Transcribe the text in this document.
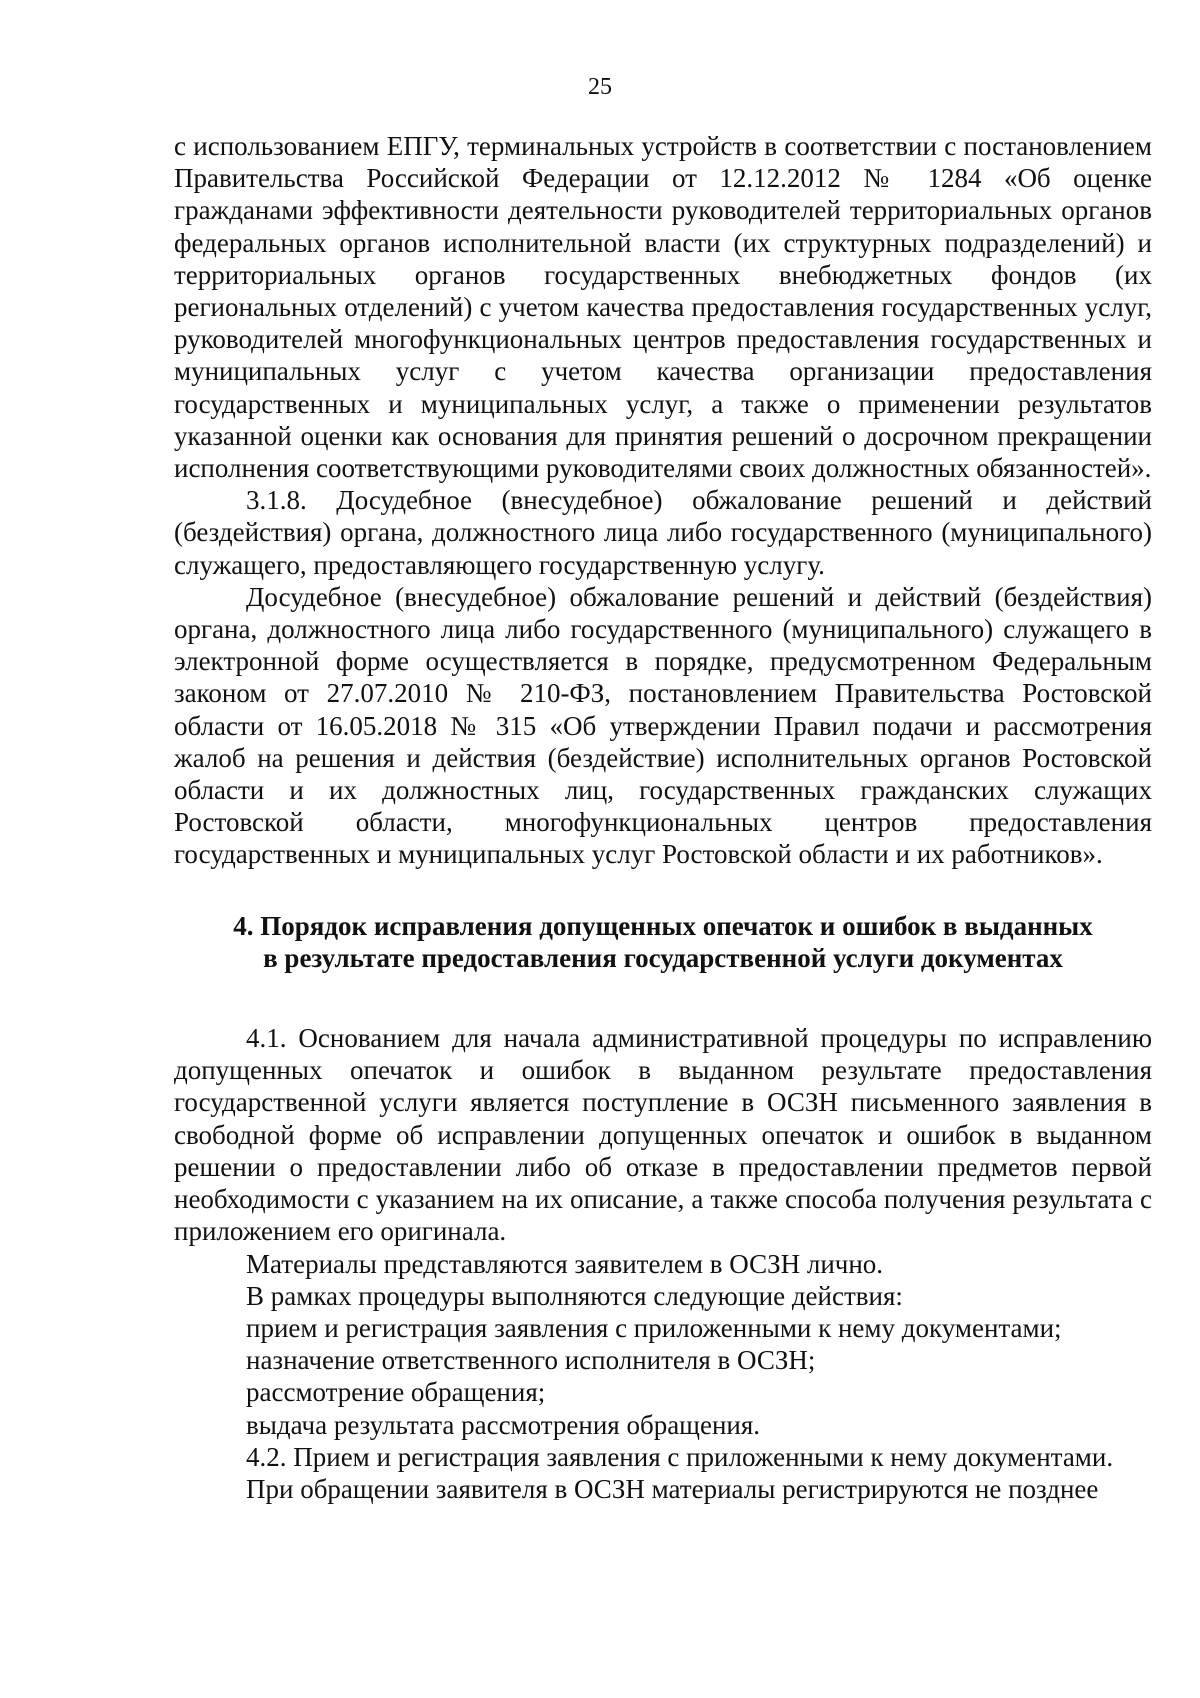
25

с использованием ЕПГУ, терминальных устройств в соответствии с постановлением Правительства Российской Федерации от 12.12.2012 № 1284 «Об оценке гражданами эффективности деятельности руководителей территориальных органов федеральных органов исполнительной власти (их структурных подразделений) и территориальных органов государственных внебюджетных фондов (их региональных отделений) с учетом качества предоставления государственных услуг, руководителей многофункциональных центров предоставления государственных и муниципальных услуг с учетом качества организации предоставления государственных и муниципальных услуг, а также о применении результатов указанной оценки как основания для принятия решений о досрочном прекращении исполнения соответствующими руководителями своих должностных обязанностей».

3.1.8. Досудебное (внесудебное) обжалование решений и действий (бездействия) органа, должностного лица либо государственного (муниципального) служащего, предоставляющего государственную услугу.

Досудебное (внесудебное) обжалование решений и действий (бездействия) органа, должностного лица либо государственного (муниципального) служащего в электронной форме осуществляется в порядке, предусмотренном Федеральным законом от 27.07.2010 № 210-ФЗ, постановлением Правительства Ростовской области от 16.05.2018 № 315 «Об утверждении Правил подачи и рассмотрения жалоб на решения и действия (бездействие) исполнительных органов Ростовской области и их должностных лиц, государственных гражданских служащих Ростовской области, многофункциональных центров предоставления государственных и муниципальных услуг Ростовской области и их работников».

4. Порядок исправления допущенных опечаток и ошибок в выданных
в результате предоставления государственной услуги документах

4.1. Основанием для начала административной процедуры по исправлению допущенных опечаток и ошибок в выданном результате предоставления государственной услуги является поступление в ОСЗН письменного заявления в свободной форме об исправлении допущенных опечаток и ошибок в выданном решении о предоставлении либо об отказе в предоставлении предметов первой необходимости с указанием на их описание, а также способа получения результата с приложением его оригинала.

Материалы представляются заявителем в ОСЗН лично.

В рамках процедуры выполняются следующие действия:

прием и регистрация заявления с приложенными к нему документами;

назначение ответственного исполнителя в ОСЗН;

рассмотрение обращения;

выдача результата рассмотрения обращения.

4.2. Прием и регистрация заявления с приложенными к нему документами.

При обращении заявителя в ОСЗН материалы регистрируются не позднее
